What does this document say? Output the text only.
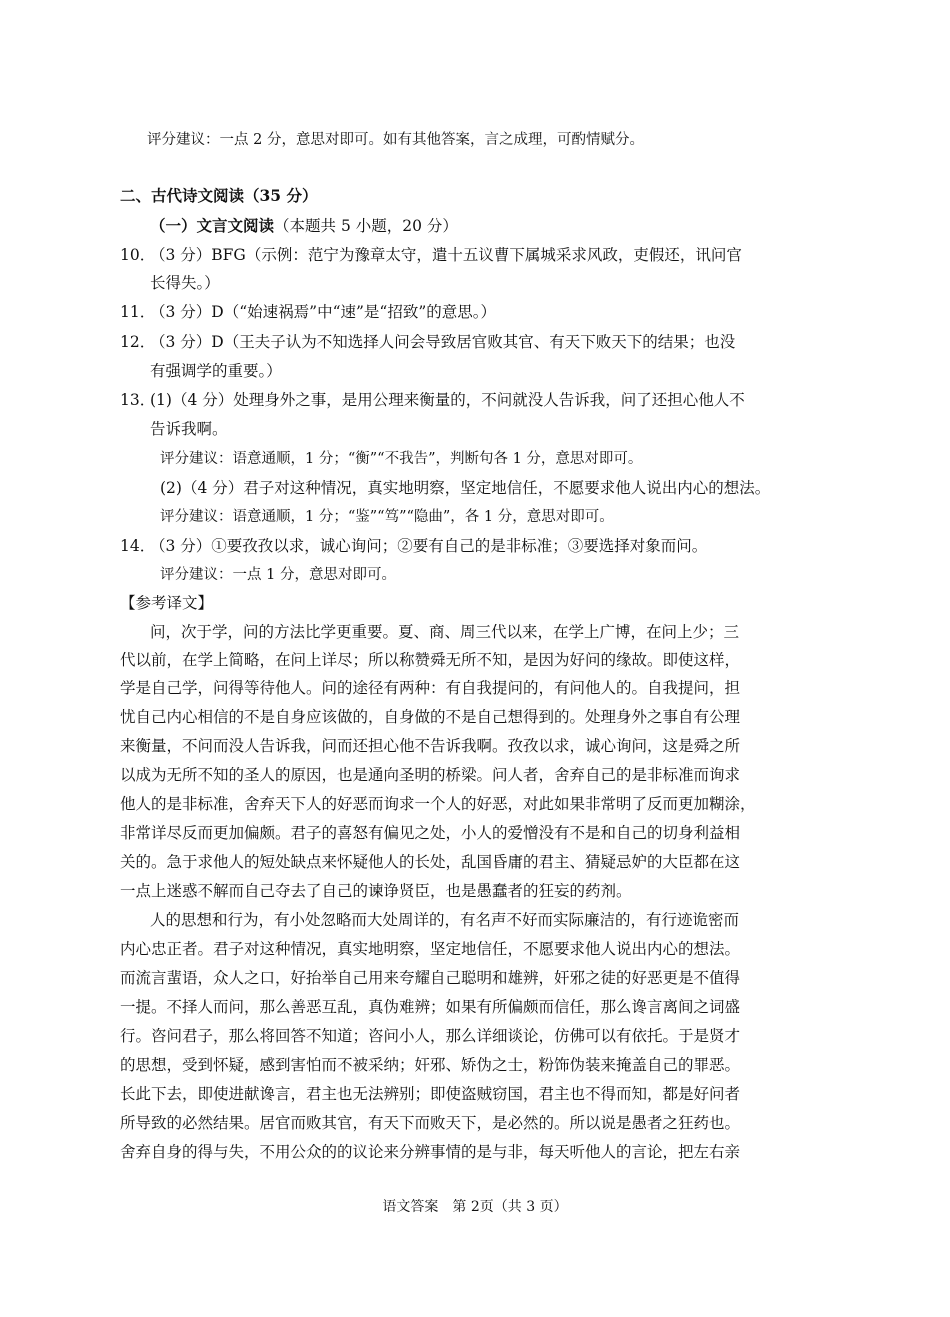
评分建议：一点 2 分，意思对即可。如有其他答案，言之成理，可酌情赋分。
二、古代诗文阅读（35 分）
（一）文言文阅读（本题共 5 小题，20 分）
10．
（3 分）BFG（示例：范宁为豫章太守，遣十五议曹下属城采求风政，吏假还，讯问官
长得失。）
11．
（3 分）D（“始速祸焉”中“速”是“招致”的意思。）
12．
（3 分）D（王夫子认为不知选择人问会导致居官败其官、有天下败天下的结果；也没
有强调学的重要。）
13．
(1)（4 分）处理身外之事，是用公理来衡量的，不问就没人告诉我，问了还担心他人不
告诉我啊。
评分建议：语意通顺，1 分；“衡”“不我告”，判断句各 1 分，意思对即可。
(2)（4 分）君子对这种情况，真实地明察，坚定地信任，不愿要求他人说出内心的想法。
评分建议：语意通顺，1 分；“鉴”“笃”“隐曲”，各 1 分，意思对即可。
14．
（3 分）①要孜孜以求，诚心询问；②要有自己的是非标准；③要选择对象而问。
评分建议：一点 1 分，意思对即可。
【参考译文】
问，次于学，问的方法比学更重要。夏、商、周三代以来，在学上广博，在问上少；三
代以前，在学上简略，在问上详尽；所以称赞舜无所不知，是因为好问的缘故。即使这样，
学是自己学，问得等待他人。问的途径有两种：有自我提问的，有问他人的。自我提问，担
忧自己内心相信的不是自身应该做的，自身做的不是自己想得到的。处理身外之事自有公理
来衡量，不问而没人告诉我，问而还担心他不告诉我啊。孜孜以求，诚心询问，这是舜之所
以成为无所不知的圣人的原因，也是通向圣明的桥梁。问人者，舍弃自己的是非标准而询求
他人的是非标准，舍弃天下人的好恶而询求一个人的好恶，对此如果非常明了反而更加糊涂，
非常详尽反而更加偏颇。君子的喜怒有偏见之处，小人的爱憎没有不是和自己的切身利益相
关的。急于求他人的短处缺点来怀疑他人的长处，乱国昏庸的君主、猜疑忌妒的大臣都在这
一点上迷惑不解而自己夺去了自己的谏诤贤臣，也是愚蠢者的狂妄的药剂。
人的思想和行为，有小处忽略而大处周详的，有名声不好而实际廉洁的，有行迹诡密而
内心忠正者。君子对这种情况，真实地明察，坚定地信任，不愿要求他人说出内心的想法。
而流言蜚语，众人之口，好抬举自己用来夸耀自己聪明和雄辨，奸邪之徒的好恶更是不值得
一提。不择人而问，那么善恶互乱，真伪难辨；如果有所偏颇而信任，那么谗言离间之词盛
行。咨问君子，那么将回答不知道；咨问小人，那么详细谈论，仿佛可以有依托。于是贤才
的思想，受到怀疑，感到害怕而不被采纳；奸邪、矫伪之士，粉饰伪装来掩盖自己的罪恶。
长此下去，即使进献谗言，君主也无法辨别；即使盗贼窃国，君主也不得而知，都是好问者
所导致的必然结果。居官而败其官，有天下而败天下，是必然的。所以说是愚者之狂药也。
舍弃自身的得与失，不用公众的的议论来分辨事情的是与非，每天听他人的言论，把左右亲
语文答案　第 2页（共 3 页）
